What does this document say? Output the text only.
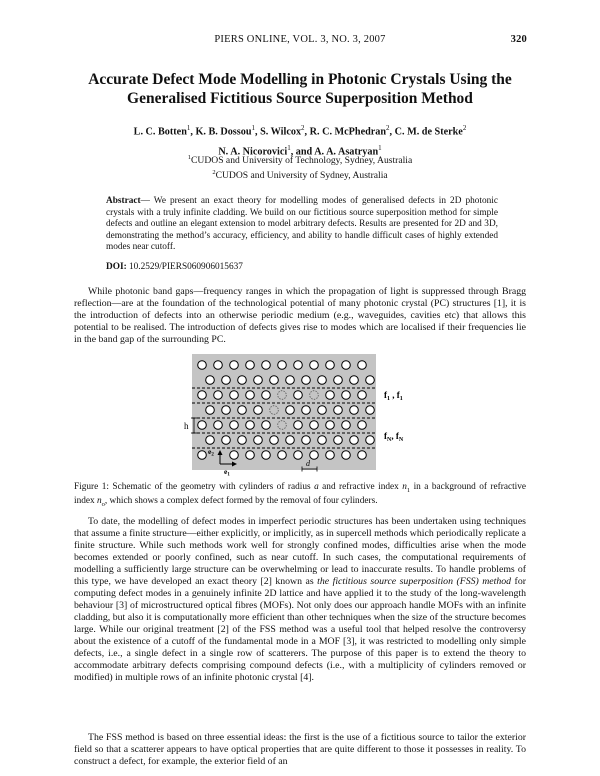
PIERS ONLINE, VOL. 3, NO. 3, 2007	320
Accurate Defect Mode Modelling in Photonic Crystals Using the
Generalised Fictitious Source Superposition Method
L. C. Botten$^1$, K. B. Dossou$^1$, S. Wilcox$^2$, R. C. McPhedran$^2$, C. M. de Sterke$^2$
N. A. Nicorovici$^1$, and A. A. Asatryan$^1$
$^1$CUDOS and University of Technology, Sydney, Australia
$^2$CUDOS and University of Sydney, Australia
Abstract— We present an exact theory for modelling modes of generalised defects in 2D photonic crystals with a truly infinite cladding. We build on our fictitious source superposition method for simple defects and outline an elegant extension to model arbitrary defects. Results are presented for 2D and 3D, demonstrating the method’s accuracy, efficiency, and ability to handle difficult cases of highly extended modes near cutoff.
DOI: 10.2529/PIERS060906015637
While photonic band gaps—frequency ranges in which the propagation of light is suppressed through Bragg reflection—are at the foundation of the technological potential of many photonic crystal (PC) structures [1], it is the introduction of defects into an otherwise periodic medium (e.g., waveguides, cavities etc) that allows this potential to be realised. The introduction of defects gives rise to modes which are localised if their frequencies lie in the band gap of the surrounding PC.
h
$f_1$ , $f_1$
$f_N$, $f_N$
$e_2$
$e_1$
d
Figure 1: Schematic of the geometry with cylinders of radius a and refractive index $n_1$ in a background of refractive index $n_o$, which shows a complex defect formed by the removal of four cylinders.
To date, the modelling of defect modes in imperfect periodic structures has been undertaken using techniques that assume a finite structure—either explicitly, or implicitly, as in supercell methods which periodically replicate a finite structure. While such methods work well for strongly confined modes, difficulties arise when the mode becomes extended or poorly confined, such as near cutoff. In such cases, the computational requirements of modelling a sufficiently large structure can be overwhelming or lead to inaccurate results. To handle problems of this type, we have developed an exact theory [2] known as the fictitious source superposition (FSS) method for computing defect modes in a genuinely infinite 2D lattice and have applied it to the study of the long-wavelength behaviour [3] of microstructured optical fibres (MOFs). Not only does our approach handle MOFs with an infinite cladding, but also it is computationally more efficient than other techniques when the size of the structure becomes large. While our original treatment [2] of the FSS method was a useful tool that helped resolve the controversy about the existence of a cutoff of the fundamental mode in a MOF [3], it was restricted to modelling only simple defects, i.e., a single defect in a single row of scatterers. The purpose of this paper is to extend the theory to accommodate arbitrary defects comprising compound defects (i.e., with a multiplicity of cylinders removed or modified) in multiple rows of an infinite photonic crystal [4].
The FSS method is based on three essential ideas: the first is the use of a fictitious source to tailor the exterior field so that a scatterer appears to have optical properties that are quite different to those it possesses in reality. To construct a defect, for example, the exterior field of an
